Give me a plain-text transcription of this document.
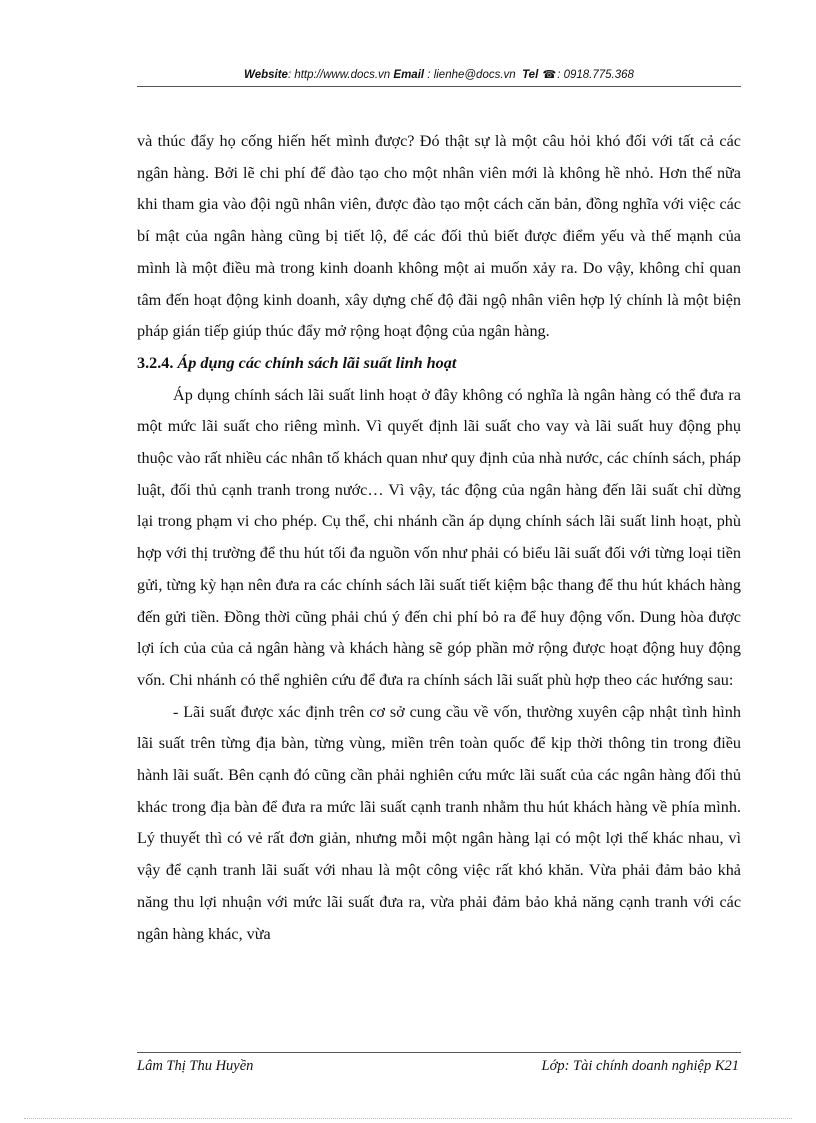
Website: http://www.docs.vn Email : lienhe@docs.vn Tel ☎: 0918.775.368

và thúc đẩy họ cống hiến hết mình được? Đó thật sự là một câu hỏi khó đối với tất cả các ngân hàng. Bởi lẽ chi phí để đào tạo cho một nhân viên mới là không hề nhỏ. Hơn thế nữa khi tham gia vào đội ngũ nhân viên, được đào tạo một cách căn bản, đồng nghĩa với việc các bí mật của ngân hàng cũng bị tiết lộ, để các đối thủ biết được điểm yếu và thế mạnh của mình là một điều mà trong kinh doanh không một ai muốn xảy ra. Do vậy, không chỉ quan tâm đến hoạt động kinh doanh, xây dựng chế độ đãi ngộ nhân viên hợp lý chính là một biện pháp gián tiếp giúp thúc đẩy mở rộng hoạt động của ngân hàng.

3.2.4. Áp dụng các chính sách lãi suất linh hoạt

Áp dụng chính sách lãi suất linh hoạt ở đây không có nghĩa là ngân hàng có thể đưa ra một mức lãi suất cho riêng mình. Vì quyết định lãi suất cho vay và lãi suất huy động phụ thuộc vào rất nhiều các nhân tố khách quan như quy định của nhà nước, các chính sách, pháp luật, đối thủ cạnh tranh trong nước… Vì vậy, tác động của ngân hàng đến lãi suất chỉ dừng lại trong phạm vi cho phép. Cụ thể, chi nhánh cần áp dụng chính sách lãi suất linh hoạt, phù hợp với thị trường để thu hút tối đa nguồn vốn như phải có biểu lãi suất đối với từng loại tiền gửi, từng kỳ hạn nên đưa ra các chính sách lãi suất tiết kiệm bậc thang để thu hút khách hàng đến gửi tiền. Đồng thời cũng phải chú ý đến chi phí bỏ ra để huy động vốn. Dung hòa được lợi ích của của cả ngân hàng và khách hàng sẽ góp phần mở rộng được hoạt động huy động vốn. Chi nhánh có thể nghiên cứu để đưa ra chính sách lãi suất phù hợp theo các hướng sau:

- Lãi suất được xác định trên cơ sở cung cầu về vốn, thường xuyên cập nhật tình hình lãi suất trên từng địa bàn, từng vùng, miền trên toàn quốc để kịp thời thông tin trong điều hành lãi suất. Bên cạnh đó cũng cần phải nghiên cứu mức lãi suất của các ngân hàng đối thủ khác trong địa bàn để đưa ra mức lãi suất cạnh tranh nhằm thu hút khách hàng về phía mình. Lý thuyết thì có vẻ rất đơn giản, nhưng mỗi một ngân hàng lại có một lợi thế khác nhau, vì vậy để cạnh tranh lãi suất với nhau là một công việc rất khó khăn. Vừa phải đảm bảo khả năng thu lợi nhuận với mức lãi suất đưa ra, vừa phải đảm bảo khả năng cạnh tranh với các ngân hàng khác, vừa

Lâm Thị Thu Huyền	Lớp: Tài chính doanh nghiệp K21
